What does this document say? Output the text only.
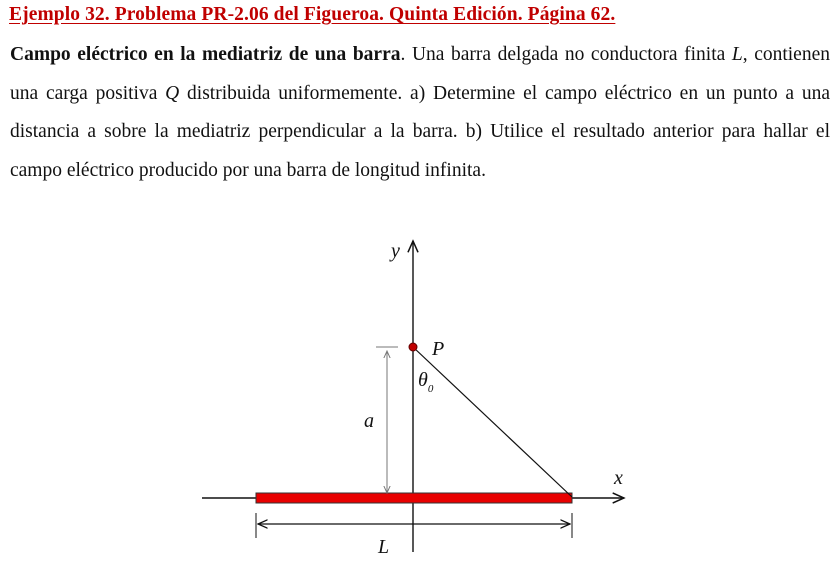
Ejemplo 32. Problema PR-2.06 del Figueroa. Quinta Edición. Página 62.

Campo eléctrico en la mediatriz de una barra. Una barra delgada no conductora finita L, contienen una carga positiva Q distribuida uniformemente. a) Determine el campo eléctrico en un punto a una distancia a sobre la mediatriz perpendicular a la barra. b) Utilice el resultado anterior para hallar el campo eléctrico producido por una barra de longitud infinita.

y
x
P
$\theta_0$
a
L
